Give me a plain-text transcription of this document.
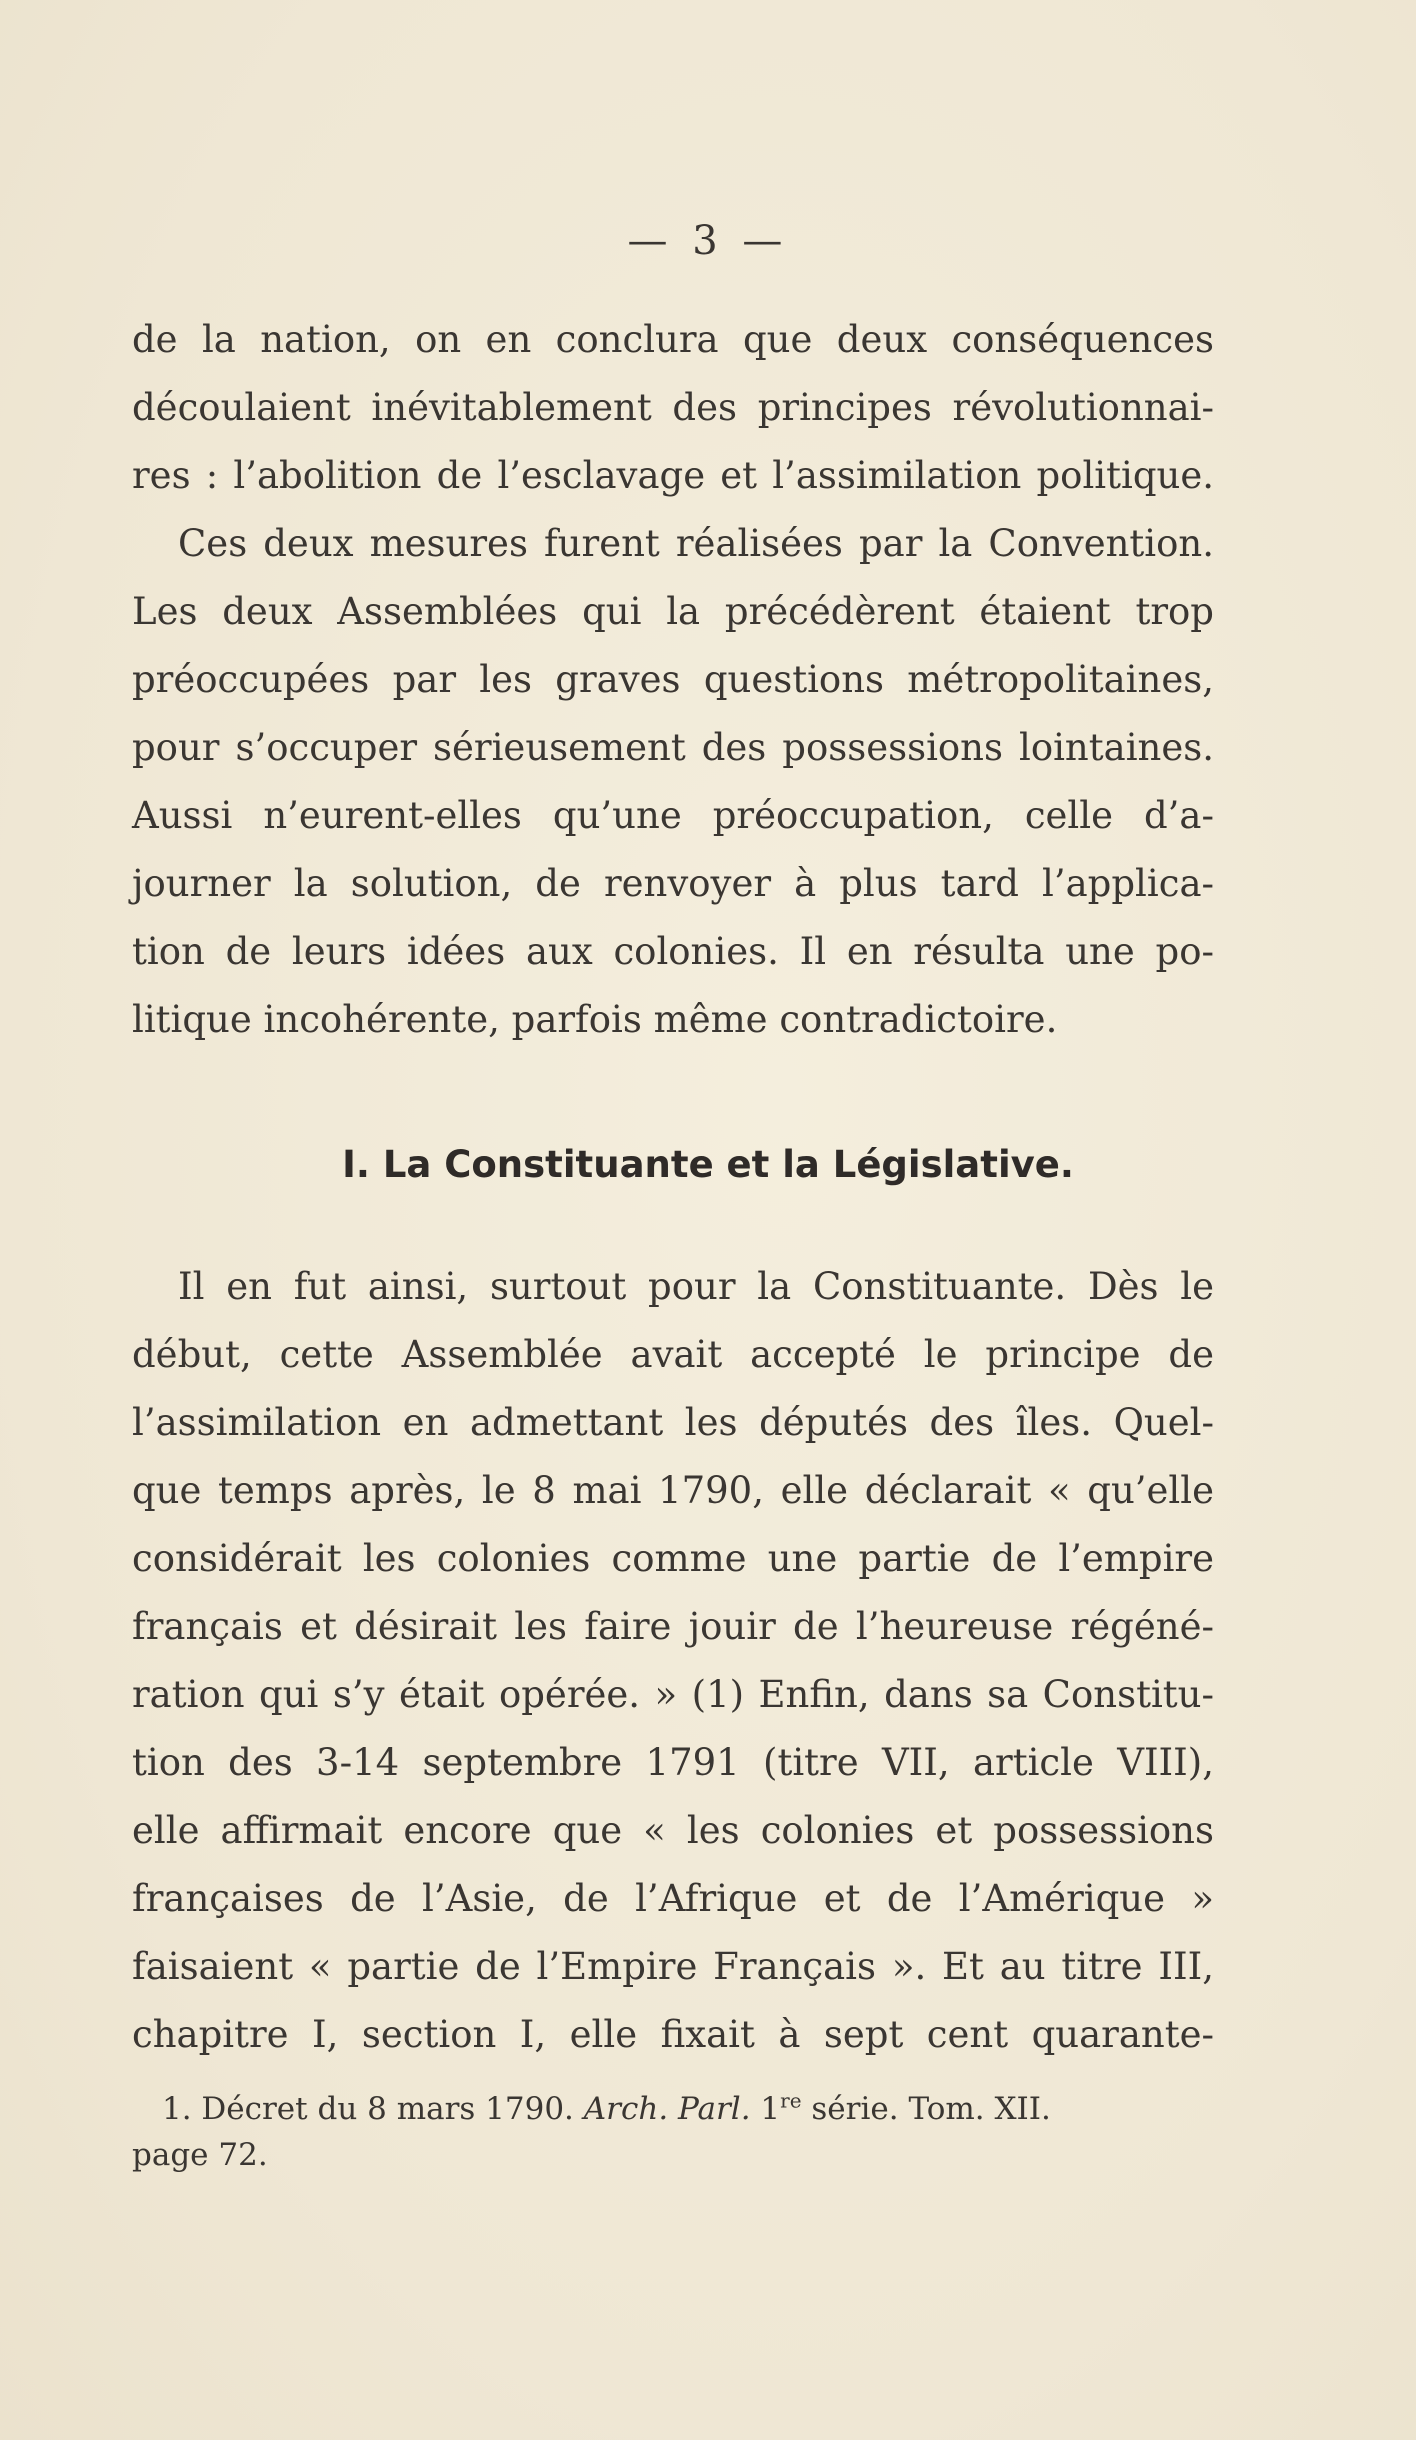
— 3 —

de la nation, on en conclura que deux conséquences
découlaient inévitablement des principes révolutionnai-
res : l’abolition de l’esclavage et l’assimilation politique.
Ces deux mesures furent réalisées par la Convention.
Les deux Assemblées qui la précédèrent étaient trop
préoccupées par les graves questions métropolitaines,
pour s’occuper sérieusement des possessions lointaines.
Aussi n’eurent-elles qu’une préoccupation, celle d’a-
journer la solution, de renvoyer à plus tard l’applica-
tion de leurs idées aux colonies. Il en résulta une po-
litique incohérente, parfois même contradictoire.
I. La Constituante et la Législative.
Il en fut ainsi, surtout pour la Constituante. Dès le
début, cette Assemblée avait accepté le principe de
l’assimilation en admettant les députés des îles. Quel-
que temps après, le 8 mai 1790, elle déclarait « qu’elle
considérait les colonies comme une partie de l’empire
français et désirait les faire jouir de l’heureuse régéné-
ration qui s’y était opérée. » (1) Enfin, dans sa Constitu-
tion des 3-14 septembre 1791 (titre VII, article VIII),
elle affirmait encore que « les colonies et possessions
françaises de l’Asie, de l’Afrique et de l’Amérique »
faisaient « partie de l’Empire Français ». Et au titre III,
chapitre I, section I, elle fixait à sept cent quarante-
1. Décret du 8 mars 1790. Arch. Parl. 1re série. Tom. XII.
page 72.
